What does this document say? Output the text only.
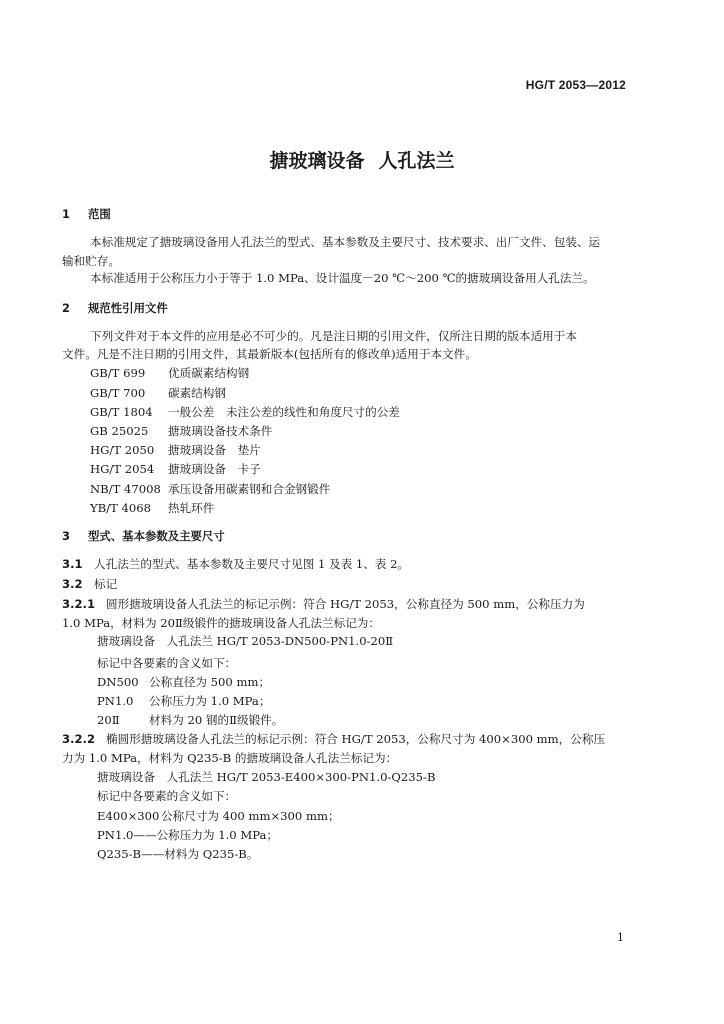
HG/T 2053—2012
搪玻璃设备 人孔法兰
1 范围
本标准规定了搪玻璃设备用人孔法兰的型式、基本参数及主要尺寸、技术要求、出厂文件、包装、运
输和贮存。
本标准适用于公称压力小于等于 1.0 MPa、设计温度－20 ℃～200 ℃的搪玻璃设备用人孔法兰。
2 规范性引用文件
下列文件对于本文件的应用是必不可少的。凡是注日期的引用文件，仅所注日期的版本适用于本
文件。凡是不注日期的引用文件，其最新版本(包括所有的修改单)适用于本文件。
GB/T 699 优质碳素结构钢
GB/T 700 碳素结构钢
GB/T 1804 一般公差　未注公差的线性和角度尺寸的公差
GB 25025 搪玻璃设备技术条件
HG/T 2050 搪玻璃设备　垫片
HG/T 2054 搪玻璃设备　卡子
NB/T 47008 承压设备用碳素钢和合金钢锻件
YB/T 4068 热轧环件
3 型式、基本参数及主要尺寸
3.1 人孔法兰的型式、基本参数及主要尺寸见图 1 及表 1、表 2。
3.2 标记
3.2.1 圆形搪玻璃设备人孔法兰的标记示例：符合 HG/T 2053，公称直径为 500 mm，公称压力为
1.0 MPa，材料为 20Ⅱ级锻件的搪玻璃设备人孔法兰标记为：
搪玻璃设备　人孔法兰 HG/T 2053-DN500-PN1.0-20Ⅱ
标记中各要素的含义如下：
DN500 公称直径为 500 mm；
PN1.0 公称压力为 1.0 MPa；
20Ⅱ	材料为 20 钢的Ⅱ级锻件。
3.2.2 椭圆形搪玻璃设备人孔法兰的标记示例：符合 HG/T 2053，公称尺寸为 400×300 mm，公称压
力为 1.0 MPa，材料为 Q235-B 的搪玻璃设备人孔法兰标记为：
搪玻璃设备　人孔法兰 HG/T 2053-E400×300-PN1.0-Q235-B
标记中各要素的含义如下：
E400×300 公称尺寸为 400 mm×300 mm；
PN1.0——公称压力为 1.0 MPa；
Q235-B——材料为 Q235-B。
1
